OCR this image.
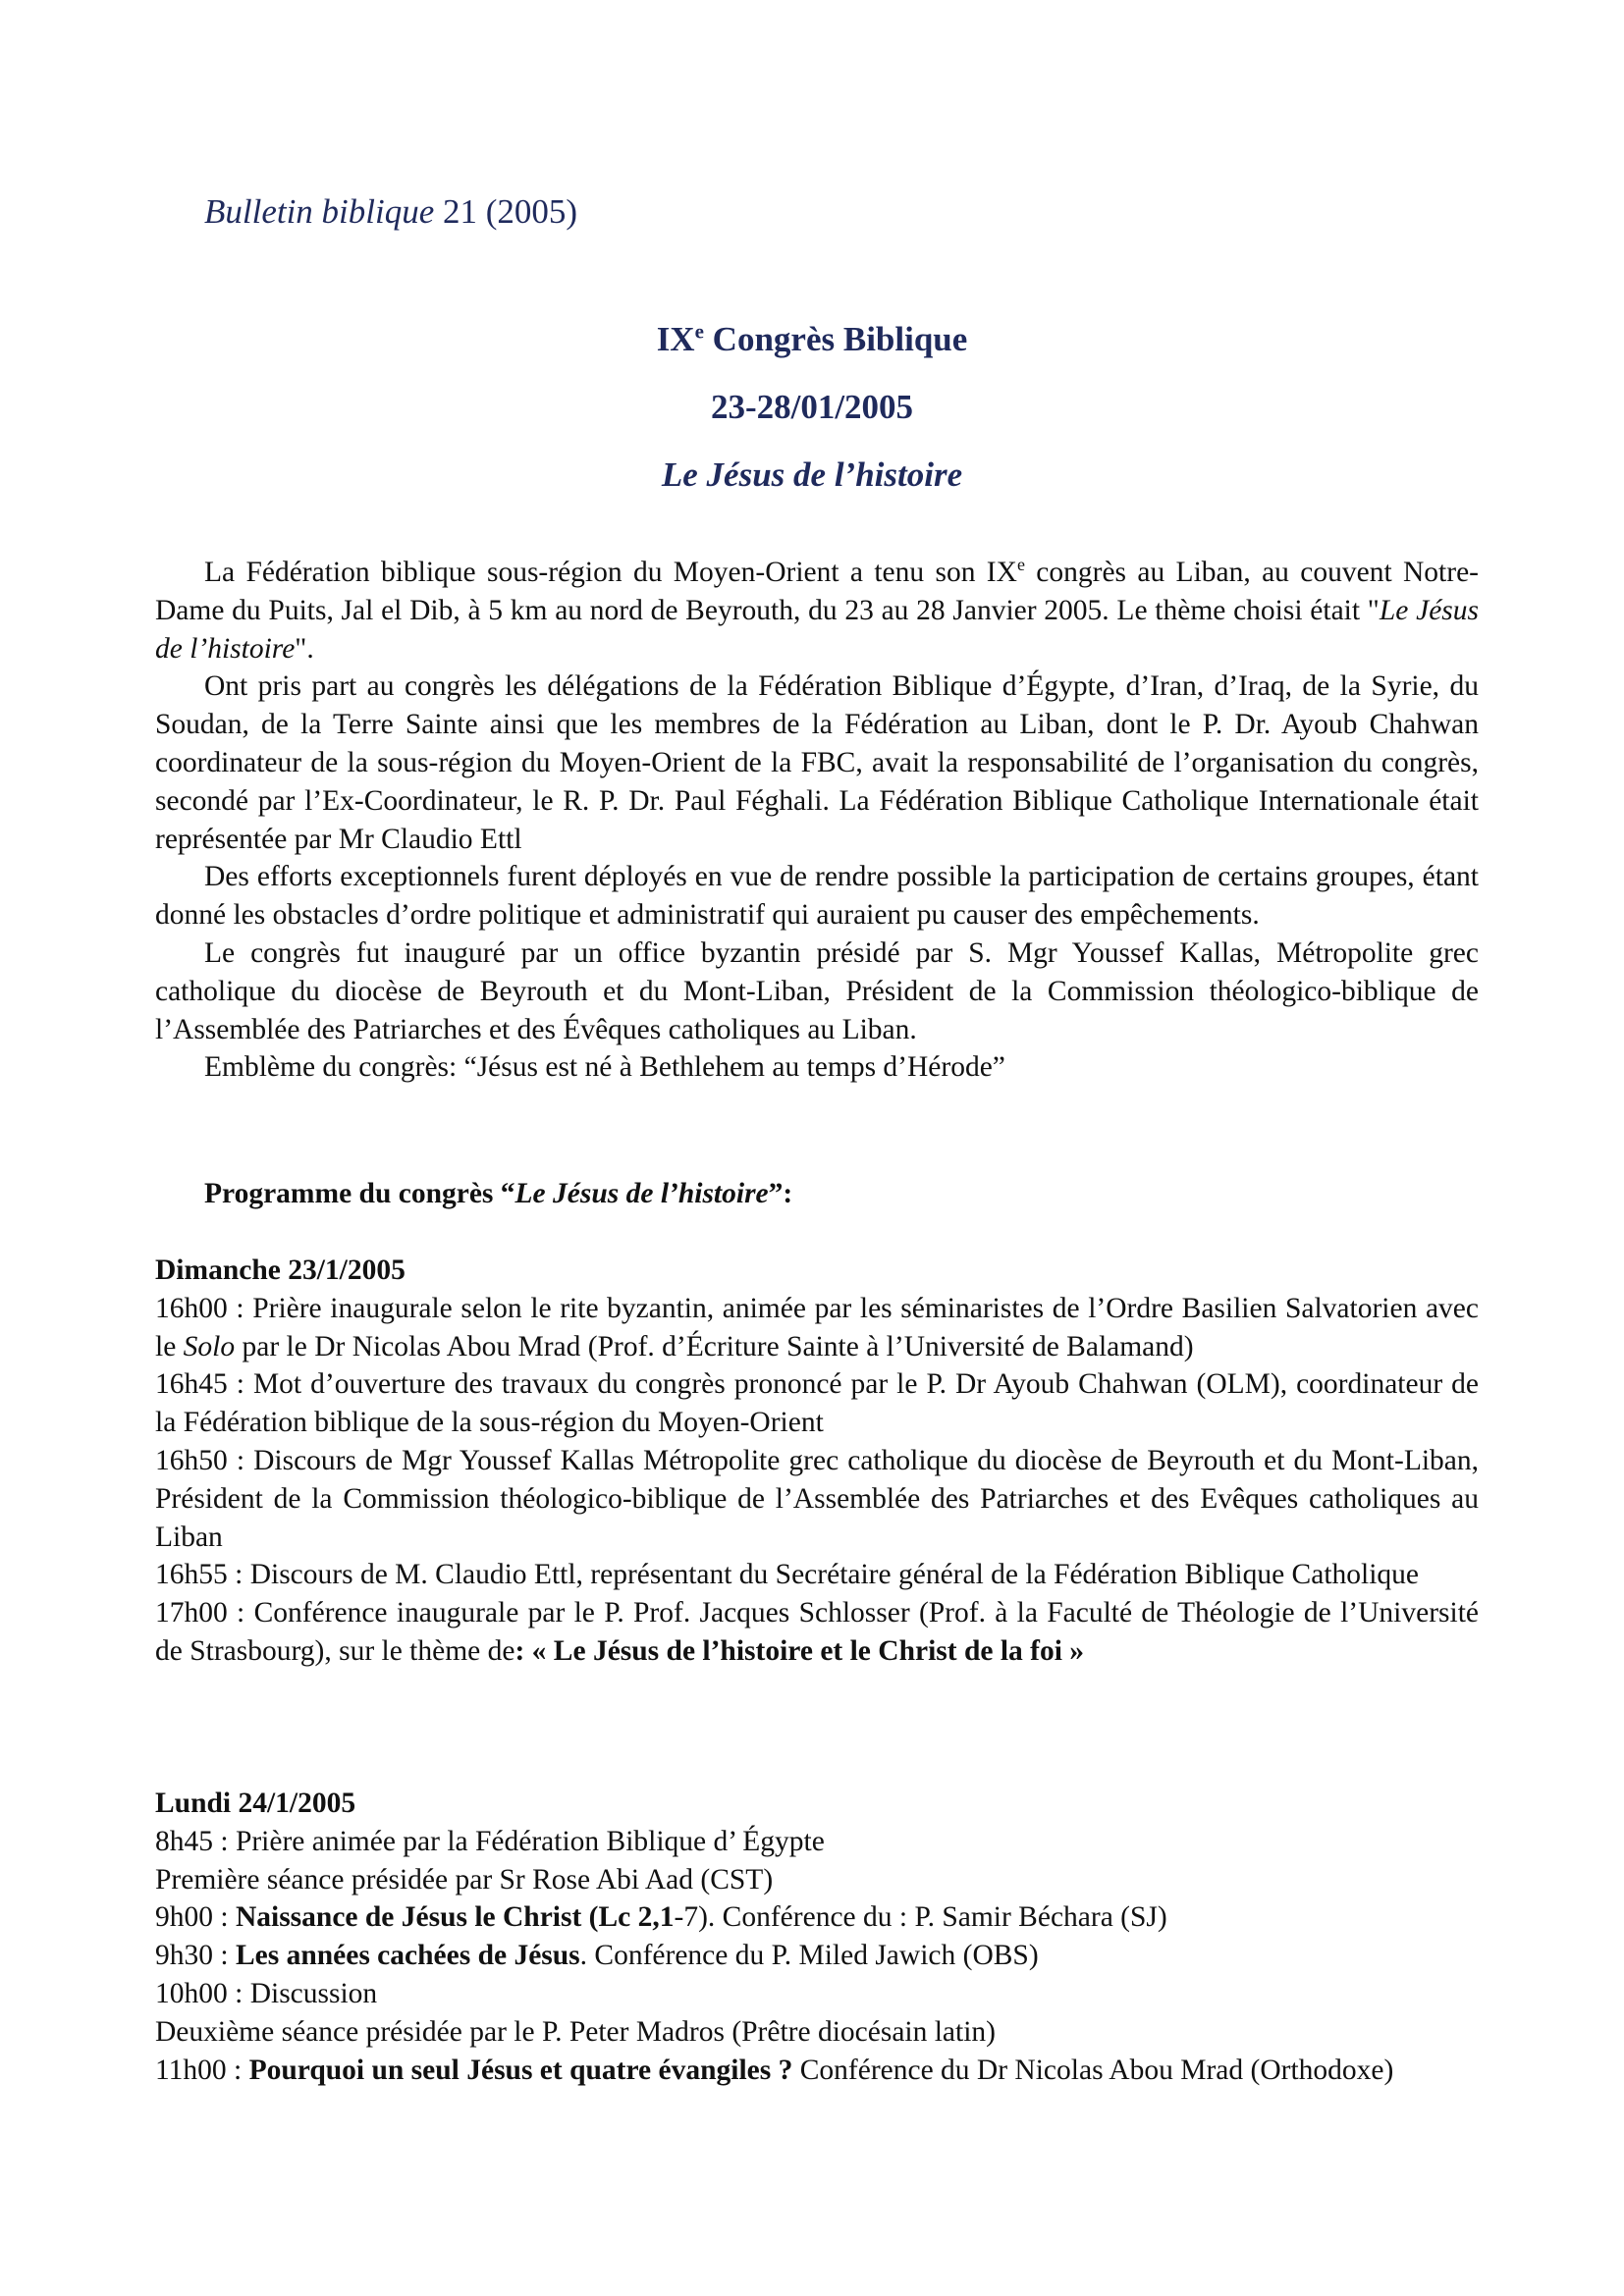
Bulletin biblique 21 (2005)
IXe Congrès Biblique
23-28/01/2005
Le Jésus de l’histoire

La Fédération biblique sous-région du Moyen-Orient a tenu son IXe congrès au Liban, au couvent Notre-Dame du Puits, Jal el Dib, à 5 km au nord de Beyrouth, du 23 au 28 Janvier 2005. Le thème choisi était "Le Jésus de l’histoire".

Ont pris part au congrès les délégations de la Fédération Biblique d’Égypte, d’Iran, d’Iraq, de la Syrie, du Soudan, de la Terre Sainte ainsi que les membres de la Fédération au Liban, dont le P. Dr. Ayoub Chahwan coordinateur de la sous-région du Moyen-Orient de la FBC, avait la responsabilité de l’organisation du congrès, secondé par l’Ex-Coordinateur, le R. P. Dr. Paul Féghali. La Fédération Biblique Catholique Internationale était représentée par Mr Claudio Ettl

Des efforts exceptionnels furent déployés en vue de rendre possible la participation de certains groupes, étant donné les obstacles d’ordre politique et administratif qui auraient pu causer des empêchements.

Le congrès fut inauguré par un office byzantin présidé par S. Mgr Youssef Kallas, Métropolite grec catholique du diocèse de Beyrouth et du Mont-Liban, Président de la Commission théologico-biblique de l’Assemblée des Patriarches et des Évêques catholiques au Liban.

Emblème du congrès: “Jésus est né à Bethlehem au temps d’Hérode”

Programme du congrès “Le Jésus de l’histoire”:
Dimanche 23/1/2005

16h00 : Prière inaugurale selon le rite byzantin, animée par les séminaristes de l’Ordre Basilien Salvatorien avec le Solo par le Dr Nicolas Abou Mrad (Prof. d’Écriture Sainte à l’Université de Balamand)

16h45 : Mot d’ouverture des travaux du congrès prononcé par le P. Dr Ayoub Chahwan (OLM), coordinateur de la Fédération biblique de la sous-région du Moyen-Orient

16h50 : Discours de Mgr Youssef Kallas Métropolite grec catholique du diocèse de Beyrouth et du Mont-Liban, Président de la Commission théologico-biblique de l’Assemblée des Patriarches et des Evêques catholiques au Liban

16h55 : Discours de M. Claudio Ettl, représentant du Secrétaire général de la Fédération Biblique Catholique

17h00 : Conférence inaugurale par le P. Prof. Jacques Schlosser (Prof. à la Faculté de Théologie de l’Université de Strasbourg), sur le thème de: « Le Jésus de l’histoire et le Christ de la foi »

Lundi 24/1/2005

8h45 : Prière animée par la Fédération Biblique d’ Égypte

Première séance présidée par Sr Rose Abi Aad (CST)

9h00 : Naissance de Jésus le Christ (Lc 2,1-7). Conférence du : P. Samir Béchara (SJ)

9h30 : Les années cachées de Jésus. Conférence du P. Miled Jawich (OBS)

10h00 : Discussion

Deuxième séance présidée par le P. Peter Madros (Prêtre diocésain latin)

11h00 : Pourquoi un seul Jésus et quatre évangiles ? Conférence du Dr Nicolas Abou Mrad (Orthodoxe)
